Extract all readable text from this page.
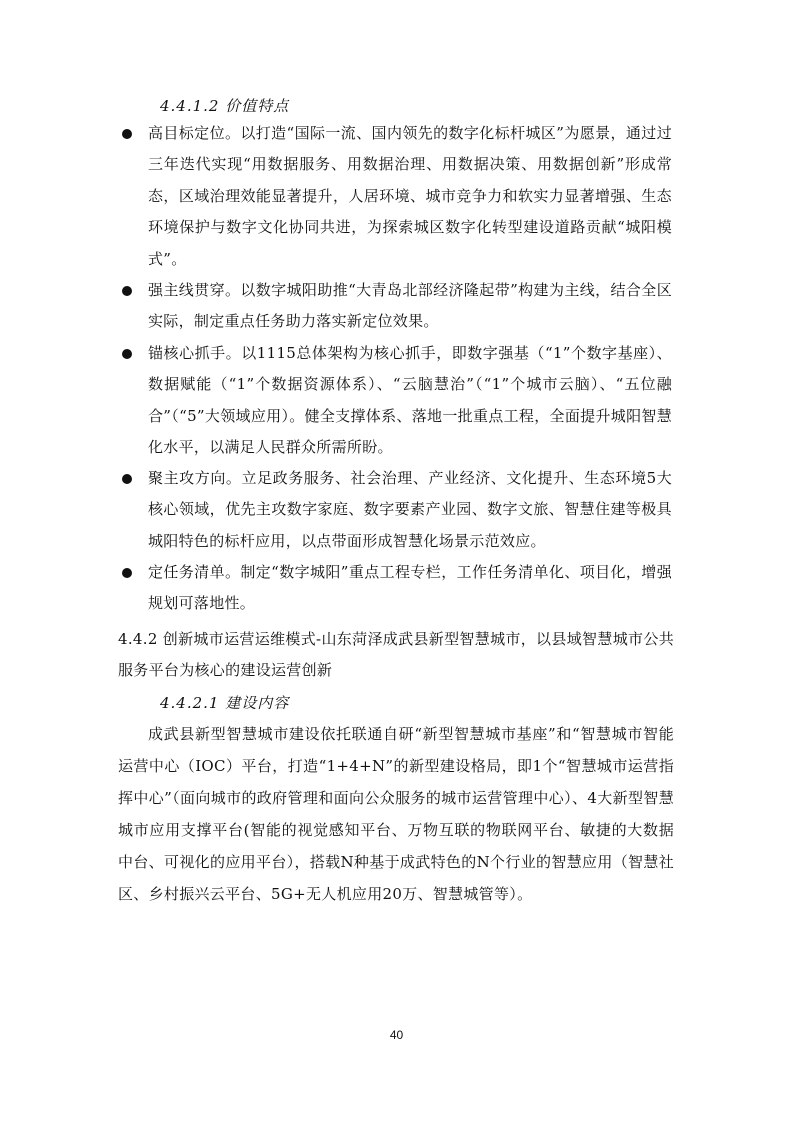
4.4.1.2 价值特点
高目标定位。以打造“国际一流、国内领先的数字化标杆城区”为愿景，通过过三年迭代实现“用数据服务、用数据治理、用数据决策、用数据创新”形成常态，区域治理效能显著提升，人居环境、城市竞争力和软实力显著增强、生态环境保护与数字文化协同共进，为探索城区数字化转型建设道路贡献“城阳模式”。
强主线贯穿。以数字城阳助推“大青岛北部经济隆起带”构建为主线，结合全区实际，制定重点任务助力落实新定位效果。
锚核心抓手。以1115总体架构为核心抓手，即数字强基（“1”个数字基座）、数据赋能（“1”个数据资源体系）、“云脑慧治”（“1”个城市云脑）、“五位融合”（“5”大领域应用）。健全支撑体系、落地一批重点工程，全面提升城阳智慧化水平，以满足人民群众所需所盼。
聚主攻方向。立足政务服务、社会治理、产业经济、文化提升、生态环境5大核心领域，优先主攻数字家庭、数字要素产业园、数字文旅、智慧住建等极具城阳特色的标杆应用，以点带面形成智慧化场景示范效应。
定任务清单。制定“数字城阳”重点工程专栏，工作任务清单化、项目化，增强规划可落地性。
4.4.2 创新城市运营运维模式-山东菏泽成武县新型智慧城市，以县域智慧城市公共服务平台为核心的建设运营创新
4.4.2.1 建设内容
成武县新型智慧城市建设依托联通自研“新型智慧城市基座”和“智慧城市智能运营中心（IOC）平台，打造“1+4+N”的新型建设格局，即1个“智慧城市运营指挥中心”（面向城市的政府管理和面向公众服务的城市运营管理中心）、4大新型智慧城市应用支撑平台(智能的视觉感知平台、万物互联的物联网平台、敏捷的大数据中台、可视化的应用平台），搭载N种基于成武特色的N个行业的智慧应用（智慧社区、乡村振兴云平台、5G+无人机应用20万、智慧城管等）。
40
